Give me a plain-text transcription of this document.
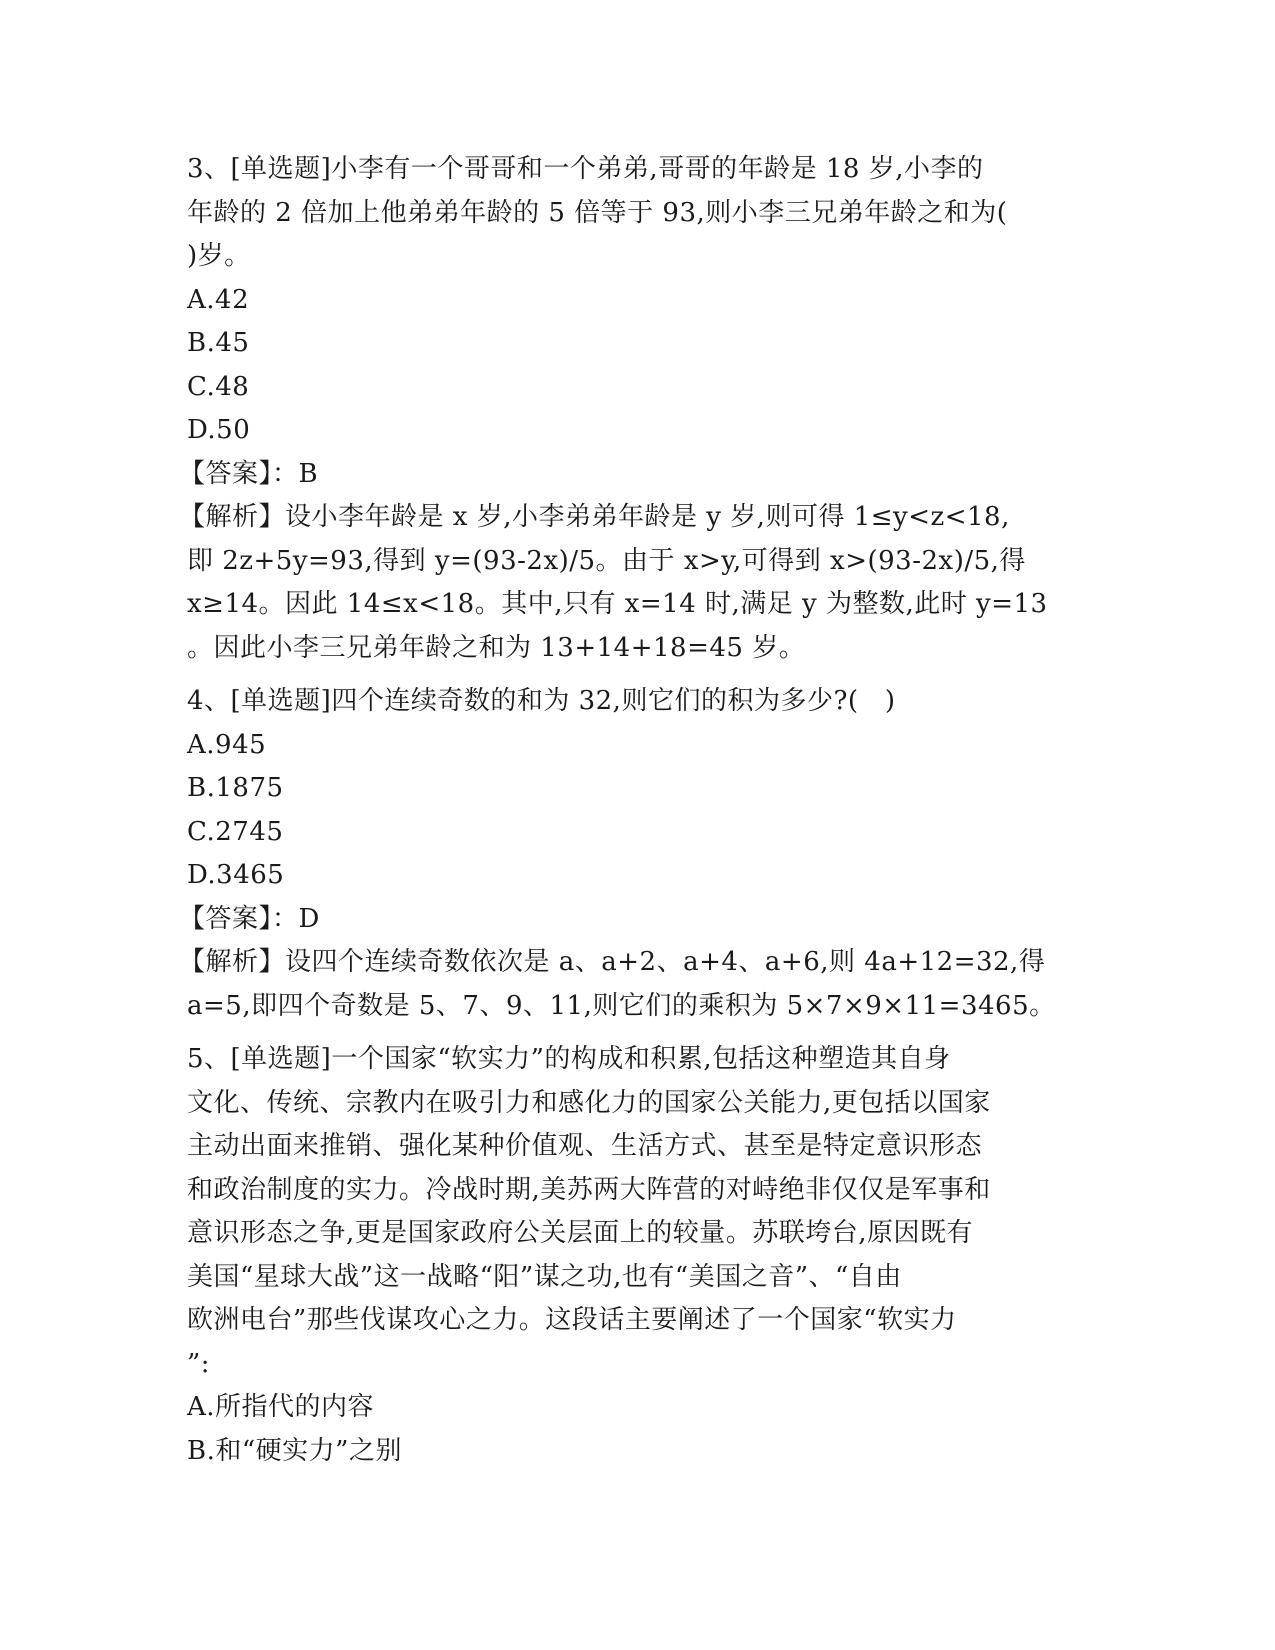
3、[单选题]小李有一个哥哥和一个弟弟,哥哥的年龄是 18 岁,小李的
年龄的 2 倍加上他弟弟年龄的 5 倍等于 93,则小李三兄弟年龄之和为(
)岁。
A.42
B.45
C.48
D.50
【答案】：B
【解析】设小李年龄是 x 岁,小李弟弟年龄是 y 岁,则可得 1≤y<z<18,
即 2z+5y=93,得到 y=(93-2x)/5。由于 x>y,可得到 x>(93-2x)/5,得
x≥14。因此 14≤x<18。其中,只有 x=14 时,满足 y 为整数,此时 y=13
。因此小李三兄弟年龄之和为 13+14+18=45 岁。
4、[单选题]四个连续奇数的和为 32,则它们的积为多少?(   )
A.945
B.1875
C.2745
D.3465
【答案】：D
【解析】设四个连续奇数依次是 a、a+2、a+4、a+6,则 4a+12=32,得
a=5,即四个奇数是 5、7、9、11,则它们的乘积为 5×7×9×11=3465。
5、[单选题]一个国家“软实力”的构成和积累,包括这种塑造其自身
文化、传统、宗教内在吸引力和感化力的国家公关能力,更包括以国家
主动出面来推销、强化某种价值观、生活方式、甚至是特定意识形态
和政治制度的实力。冷战时期,美苏两大阵营的对峙绝非仅仅是军事和
意识形态之争,更是国家政府公关层面上的较量。苏联垮台,原因既有
美国“星球大战”这一战略“阳”谋之功,也有“美国之音”、“自由
欧洲电台”那些伐谋攻心之力。这段话主要阐述了一个国家“软实力
”:
A.所指代的内容
B.和“硬实力”之别
